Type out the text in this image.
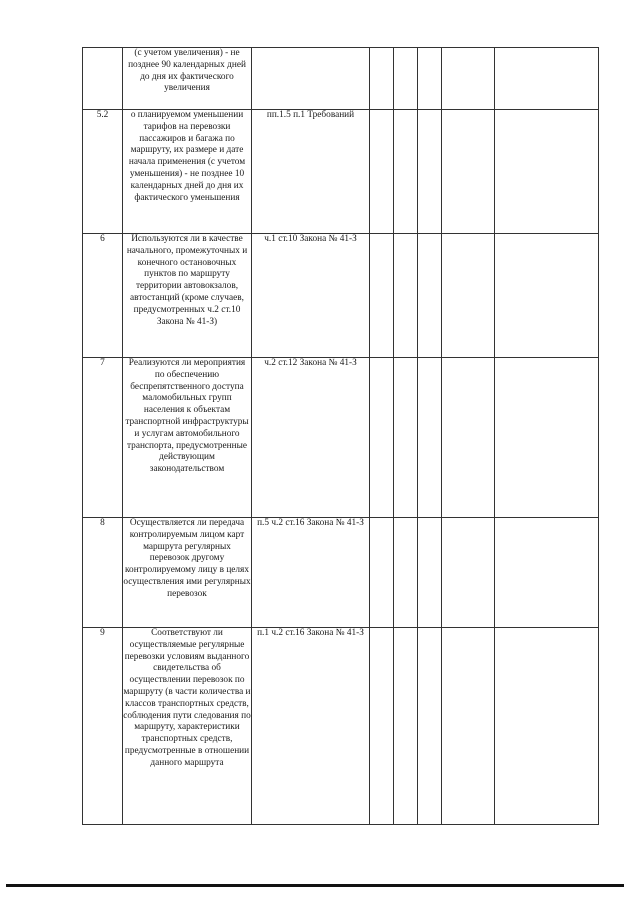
	(с учетом увеличения) - не позднее 90 календарных дней до дня их фактического увеличения						
5.2	о планируемом уменьшении тарифов на перевозки пассажиров и багажа по маршруту, их размере и дате начала применения (с учетом уменьшения) - не позднее 10 календарных дней до дня их фактического уменьшения	пп.1.5 п.1 Требований					
6	Используются ли в качестве начального, промежуточных и конечного остановочных пунктов по маршруту территории автовокзалов, автостанций (кроме случаев, предусмотренных ч.2 ст.10 Закона № 41-З)	ч.1 ст.10 Закона № 41-З					
7	Реализуются ли мероприятия по обеспечению беспрепятственного доступа маломобильных групп населения к объектам транспортной инфраструктуры и услугам автомобильного транспорта, предусмотренные действующим законодательством	ч.2 ст.12 Закона № 41-З					
8	Осуществляется ли передача контролируемым лицом карт маршрута регулярных перевозок другому контролируемому лицу в целях осуществления ими регулярных перевозок	п.5 ч.2 ст.16 Закона № 41-З					
9	Соответствуют ли осуществляемые регулярные перевозки условиям выданного свидетельства об осуществлении перевозок по маршруту (в части количества и классов транспортных средств, соблюдения пути следования по маршруту, характеристики транспортных средств, предусмотренные в отношении данного маршрута	п.1 ч.2 ст.16 Закона № 41-З					
